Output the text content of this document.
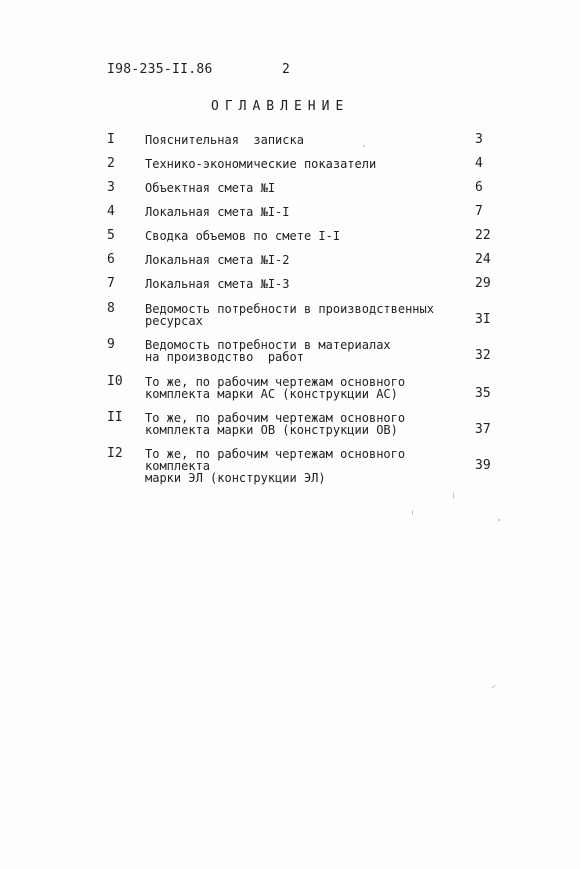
I98-235-II.86	2
ОГЛАВЛЕНИЕ
I	Пояснительная  записка	3
2	Технико-экономические показатели	4
3	Объектная смета №I	6
4	Локальная смета №I-I	7
5	Сводка объемов по смете I-I	22
6	Локальная смета №I-2	24
7	Локальная смета №I-3	29
8	Ведомость потребности в производственных
ресурсах	3I
9	Ведомость потребности в материалах
на производство  работ	32
I0 То же, по рабочим чертежам основного
комплекта марки АС (конструкции АС)	35
II То же, по рабочим чертежам основного
комплекта марки ОВ (конструкции ОВ)	37
I2 То же, по рабочим чертежам основного комплекта
марки ЭЛ (конструкции ЭЛ)
39
